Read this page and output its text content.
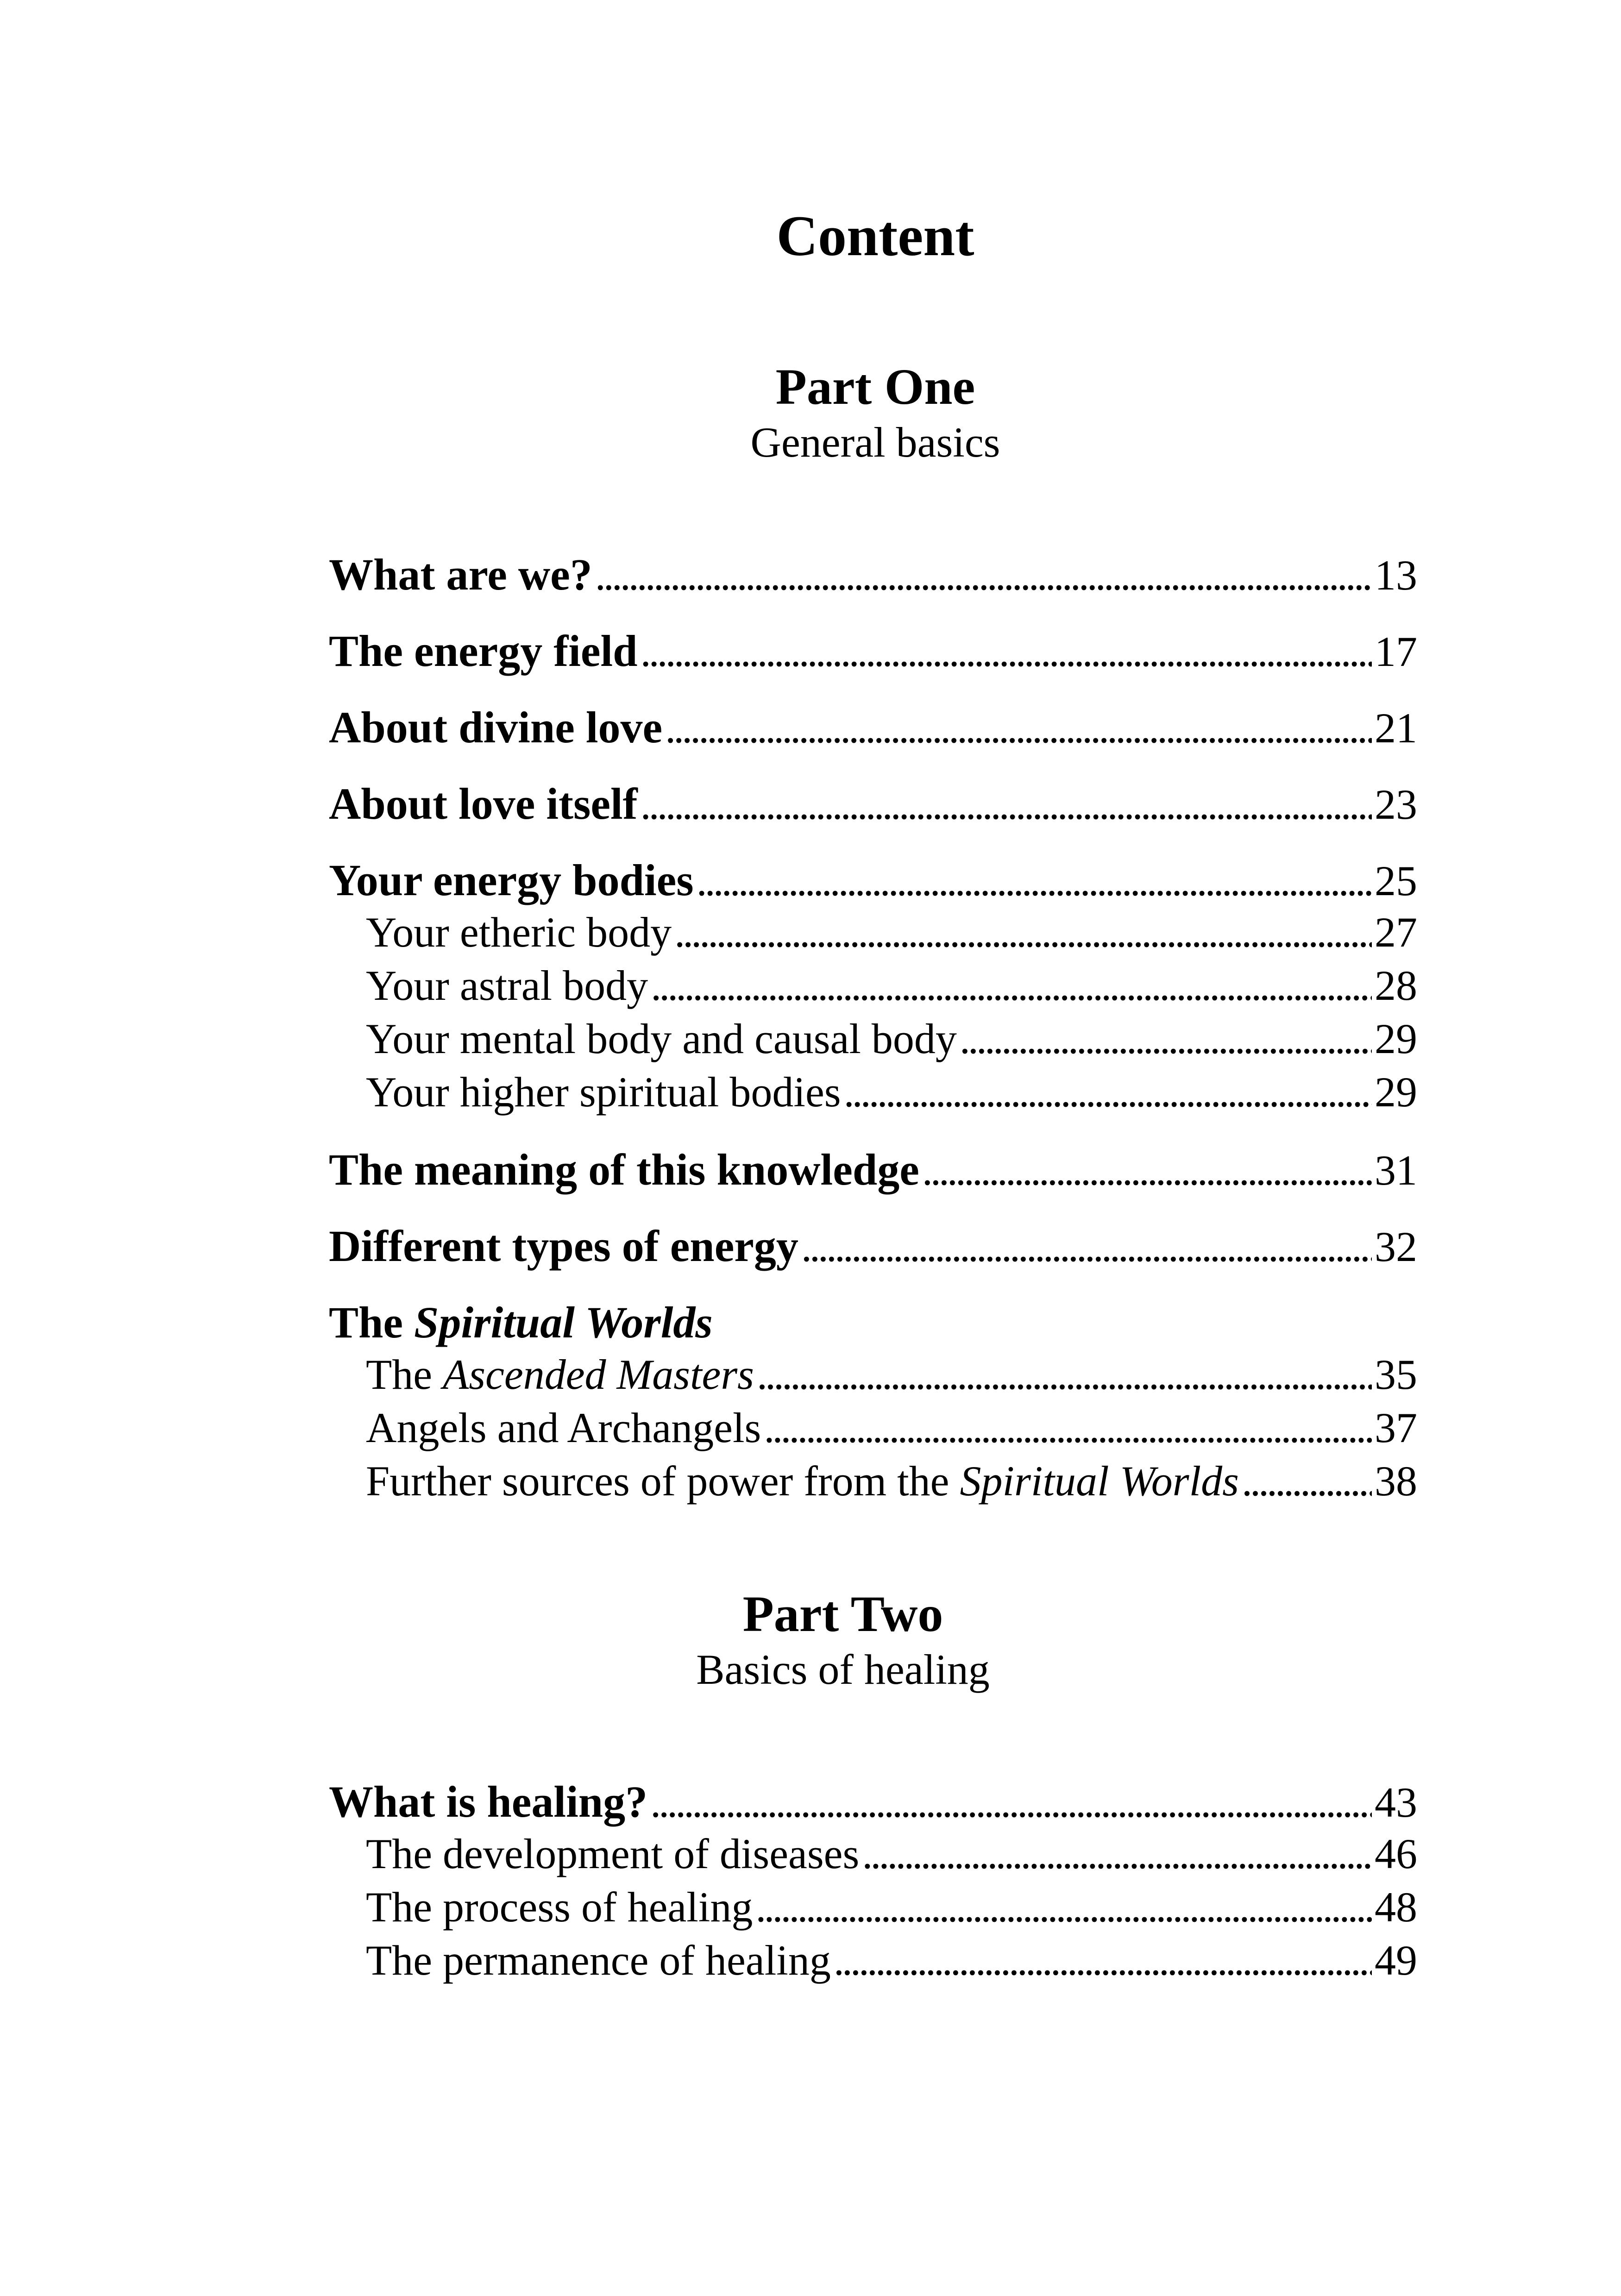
Content
Part One
General basics
What are we? . . .	13
The energy field . . .	17
About divine love . . .	21
About love itself . . .	23
Your energy bodies . . .	25
Your etheric body . . .	27
Your astral body . . .	28
Your mental body and causal body . . .	29
Your higher spiritual bodies . . .	29
The meaning of this knowledge . . .	31
Different types of energy . . .	32
The Spiritual Worlds
The Ascended Masters . . .	35
Angels and Archangels . . .	37
Further sources of power from the Spiritual Worlds . . .	38
Part Two
Basics of healing
What is healing? . . .	43
The development of diseases . . .	46
The process of healing . . .	48
The permanence of healing . . .	49
